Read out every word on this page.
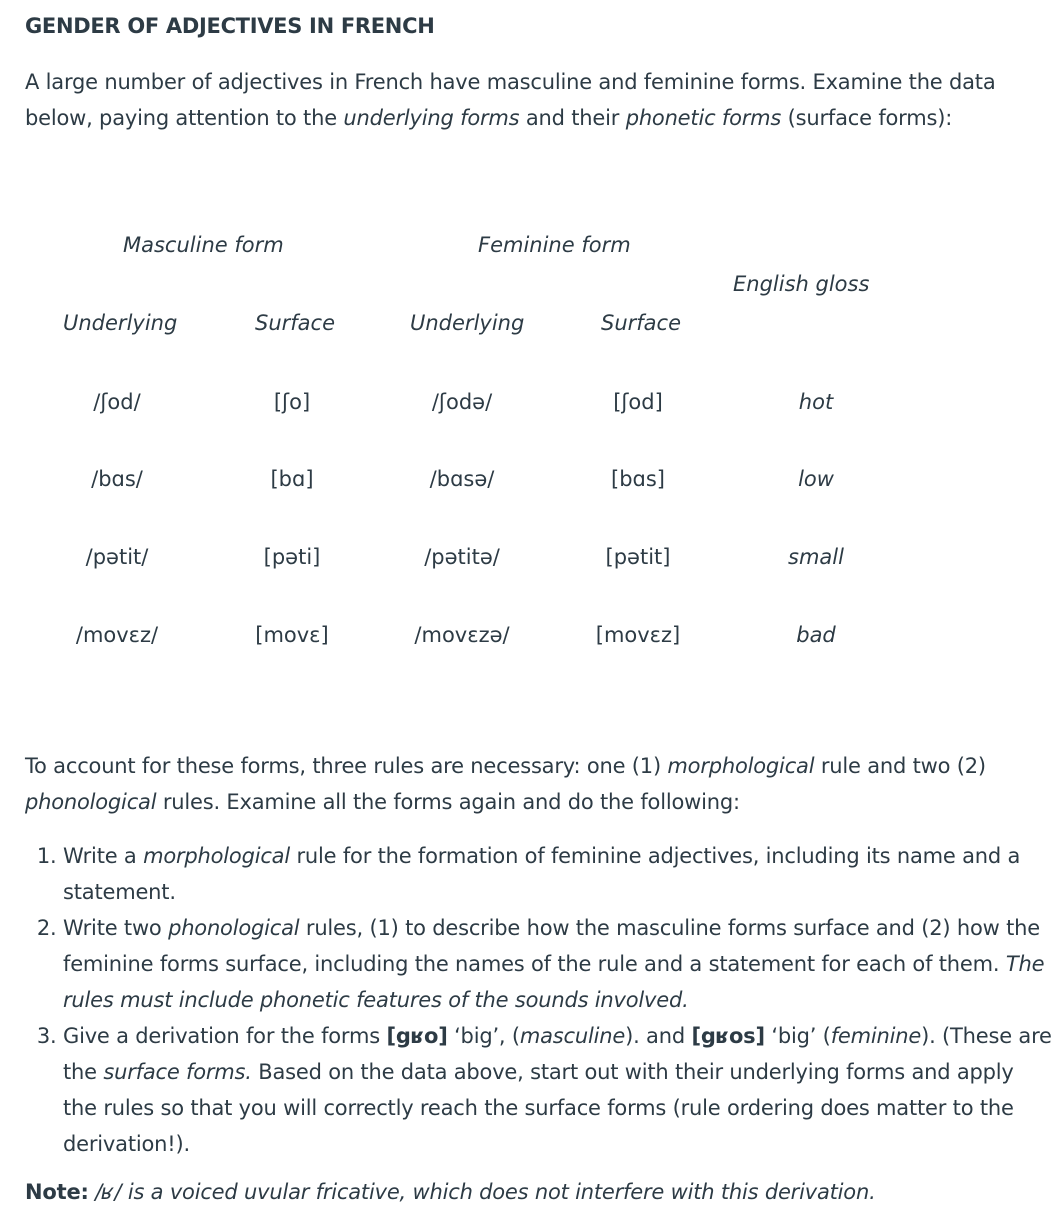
GENDER OF ADJECTIVES IN FRENCH

A large number of adjectives in French have masculine and feminine forms. Examine the data below, paying attention to the underlying forms and their phonetic forms (surface forms):

Masculine form	Feminine form
English gloss
Underlying	Surface	Underlying	Surface
/ʃod/	[ʃo]	/ʃodə/	[ʃod]	hot
/bɑs/	[bɑ]	/bɑsə/	[bɑs]	low
/pətit/	[pəti]	/pətitə/	[pətit]	small
/movɛz/	[movɛ]	/movɛzə/	[movɛz]	bad

To account for these forms, three rules are necessary: one (1) morphological rule and two (2) phonological rules. Examine all the forms again and do the following:

1. Write a morphological rule for the formation of feminine adjectives, including its name and a statement.
2. Write two phonological rules, (1) to describe how the masculine forms surface and (2) how the feminine forms surface, including the names of the rule and a statement for each of them. The rules must include phonetic features of the sounds involved.
3. Give a derivation for the forms [gʁo] ‘big’, (masculine). and [gʁos] ‘big’ (feminine). (These are the surface forms. Based on the data above, start out with their underlying forms and apply the rules so that you will correctly reach the surface forms (rule ordering does matter to the derivation!).
Note: /ʁ/ is a voiced uvular fricative, which does not interfere with this derivation.
